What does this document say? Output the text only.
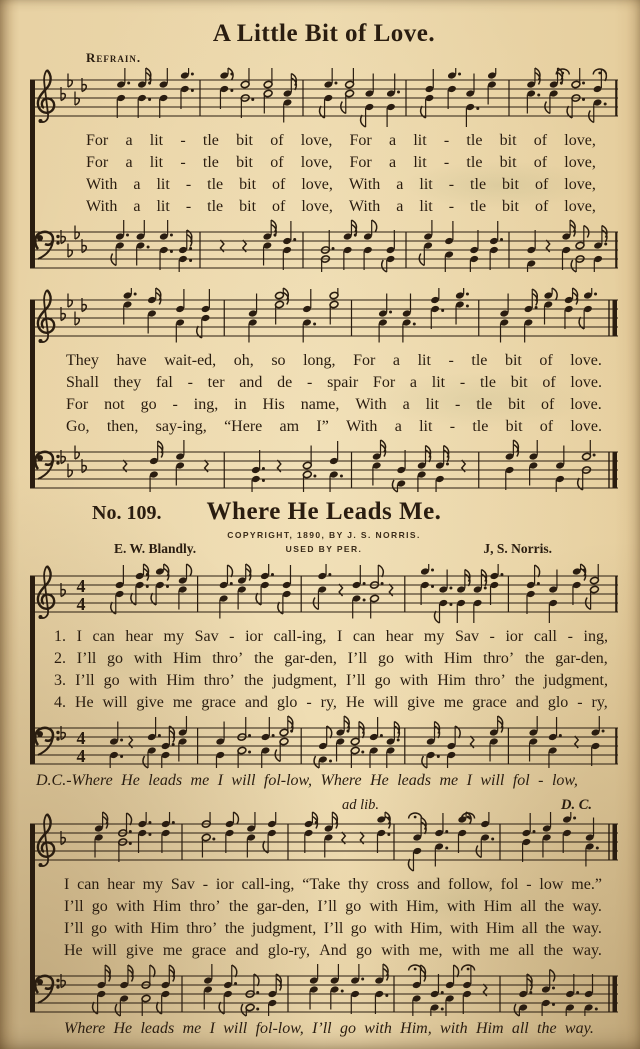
A Little Bit of Love.
Refrain.
For a lit - tle bit of love, For a lit - tle bit of love,
For a lit - tle bit of love, For a lit - tle bit of love,
With a lit - tle bit of love, With a lit - tle bit of love,
With a lit - tle bit of love, With a lit - tle bit of love,
They have wait-ed, oh, so long, For a lit - tle bit of love.
Shall they fal - ter and de - spair For a lit - tle bit of love.
For not go - ing, in His name, With a lit - tle bit of love.
Go, then, say-ing, “Here am I” With a lit - tle bit of love.
No. 109.	Where He Leads Me.
COPYRIGHT, 1890, BY J. S. NORRIS.
E. W. Blandly.	USED BY PER.	J, S. Norris.
4
4
1. I can hear my Sav - ior call-ing, I can hear my Sav - ior call - ing,
2. I’ll go with Him thro’ the gar-den, I’ll go with Him thro’ the gar-den,
3. I’ll go with Him thro’ the judgment, I’ll go with Him thro’ the judgment,
4. He will give me grace and glo - ry, He will give me grace and glo - ry,
4
4
D.C.-Where He leads me I will fol-low, Where He leads me I will fol - low,
ad lib.	D. C.
I can hear my Sav - ior call-ing, “Take thy cross and follow, fol - low me.”
I’ll go with Him thro’ the gar-den, I’ll go with Him, with Him all the way.
I’ll go with Him thro’ the judgment, I’ll go with Him, with Him all the way.
He will give me grace and glo-ry, And go with me, with me all the way.
Where He leads me I will fol-low, I’ll go with Him, with Him all the way.
